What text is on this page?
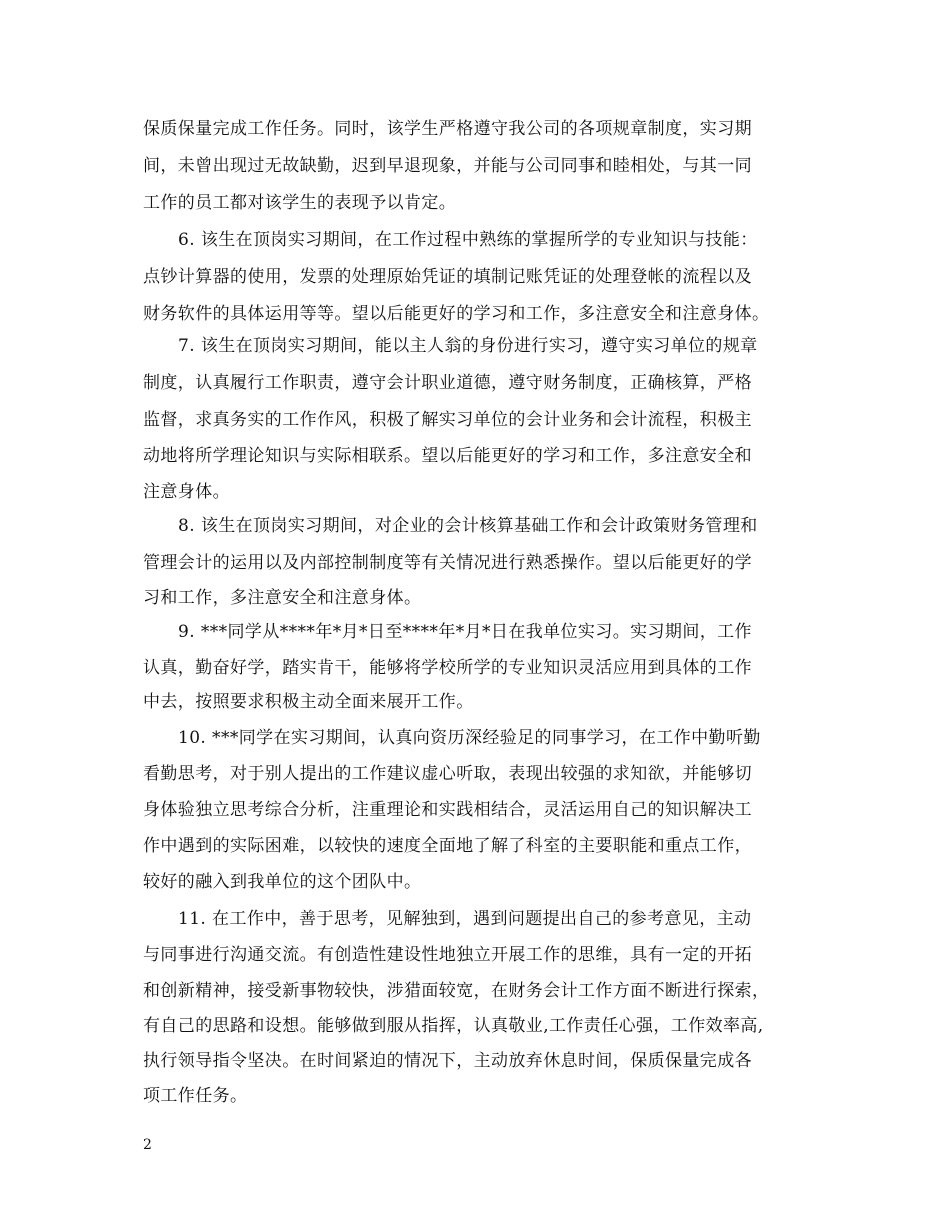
保质保量完成工作任务。同时，该学生严格遵守我公司的各项规章制度，实习期
间，未曾出现过无故缺勤，迟到早退现象，并能与公司同事和睦相处，与其一同
工作的员工都对该学生的表现予以肯定。
6. 该生在顶岗实习期间，在工作过程中熟练的掌握所学的专业知识与技能：
点钞计算器的使用，发票的处理原始凭证的填制记账凭证的处理登帐的流程以及
财务软件的具体运用等等。望以后能更好的学习和工作，多注意安全和注意身体。
7. 该生在顶岗实习期间，能以主人翁的身份进行实习，遵守实习单位的规章
制度，认真履行工作职责，遵守会计职业道德，遵守财务制度，正确核算，严格
监督，求真务实的工作作风，积极了解实习单位的会计业务和会计流程，积极主
动地将所学理论知识与实际相联系。望以后能更好的学习和工作，多注意安全和
注意身体。
8. 该生在顶岗实习期间，对企业的会计核算基础工作和会计政策财务管理和
管理会计的运用以及内部控制制度等有关情况进行熟悉操作。望以后能更好的学
习和工作，多注意安全和注意身体。
9. ***同学从****年*月*日至****年*月*日在我单位实习。实习期间，工作
认真，勤奋好学，踏实肯干，能够将学校所学的专业知识灵活应用到具体的工作
中去，按照要求积极主动全面来展开工作。
10. ***同学在实习期间，认真向资历深经验足的同事学习，在工作中勤听勤
看勤思考，对于别人提出的工作建议虚心听取，表现出较强的求知欲，并能够切
身体验独立思考综合分析，注重理论和实践相结合，灵活运用自己的知识解决工
作中遇到的实际困难，以较快的速度全面地了解了科室的主要职能和重点工作，
较好的融入到我单位的这个团队中。
11. 在工作中，善于思考，见解独到，遇到问题提出自己的参考意见，主动
与同事进行沟通交流。有创造性建设性地独立开展工作的思维，具有一定的开拓
和创新精神，接受新事物较快，涉猎面较宽，在财务会计工作方面不断进行探索，
有自己的思路和设想。能够做到服从指挥，认真敬业,工作责任心强，工作效率高,
执行领导指令坚决。在时间紧迫的情况下，主动放弃休息时间，保质保量完成各
项工作任务。
2
